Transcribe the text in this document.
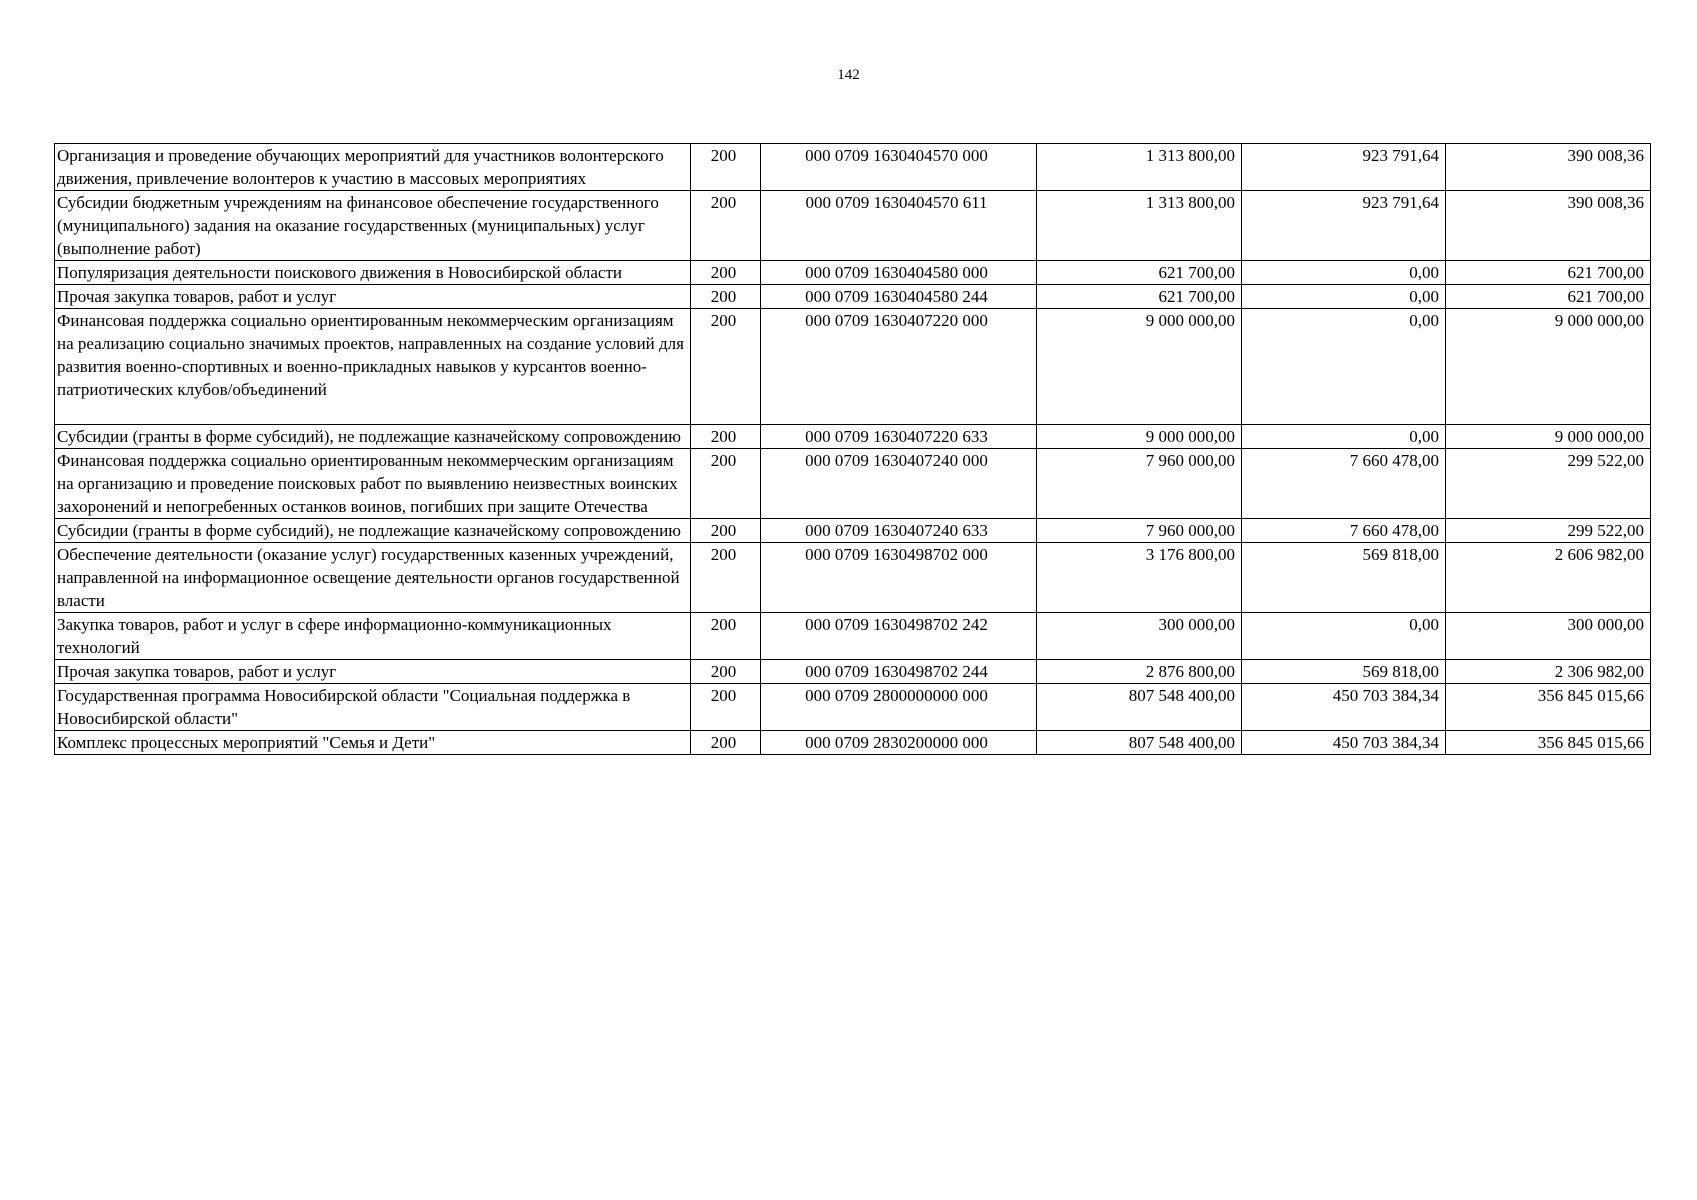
142
Организация и проведение обучающих мероприятий для участников волонтерского движения, привлечение волонтеров к участию в массовых мероприятиях	200	000 0709 1630404570 000	1 313 800,00	923 791,64	390 008,36
Субсидии бюджетным учреждениям на финансовое обеспечение государственного (муниципального) задания на оказание государственных (муниципальных) услуг (выполнение работ)	200	000 0709 1630404570 611	1 313 800,00	923 791,64	390 008,36
Популяризация деятельности поискового движения в Новосибирской области	200	000 0709 1630404580 000	621 700,00	0,00	621 700,00
Прочая закупка товаров, работ и услуг	200	000 0709 1630404580 244	621 700,00	0,00	621 700,00
Финансовая поддержка социально ориентированным некоммерческим организациям на реализацию социально значимых проектов, направленных на создание условий для развития военно-спортивных и военно-прикладных навыков у курсантов военно-патриотических клубов/объединений	200	000 0709 1630407220 000	9 000 000,00	0,00	9 000 000,00
Субсидии (гранты в форме субсидий), не подлежащие казначейскому сопровождению	200	000 0709 1630407220 633	9 000 000,00	0,00	9 000 000,00
Финансовая поддержка социально ориентированным некоммерческим организациям на организацию и проведение поисковых работ по выявлению неизвестных воинских захоронений и непогребенных останков воинов, погибших при защите Отечества	200	000 0709 1630407240 000	7 960 000,00	7 660 478,00	299 522,00
Субсидии (гранты в форме субсидий), не подлежащие казначейскому сопровождению	200	000 0709 1630407240 633	7 960 000,00	7 660 478,00	299 522,00
Обеспечение деятельности (оказание услуг) государственных казенных учреждений, направленной на информационное освещение деятельности органов государственной власти	200	000 0709 1630498702 000	3 176 800,00	569 818,00	2 606 982,00
Закупка товаров, работ и услуг в сфере информационно-коммуникационных технологий	200	000 0709 1630498702 242	300 000,00	0,00	300 000,00
Прочая закупка товаров, работ и услуг	200	000 0709 1630498702 244	2 876 800,00	569 818,00	2 306 982,00
Государственная программа Новосибирской области "Социальная поддержка в Новосибирской области"	200	000 0709 2800000000 000	807 548 400,00	450 703 384,34	356 845 015,66
Комплекс процессных мероприятий "Семья и Дети"	200	000 0709 2830200000 000	807 548 400,00	450 703 384,34	356 845 015,66
